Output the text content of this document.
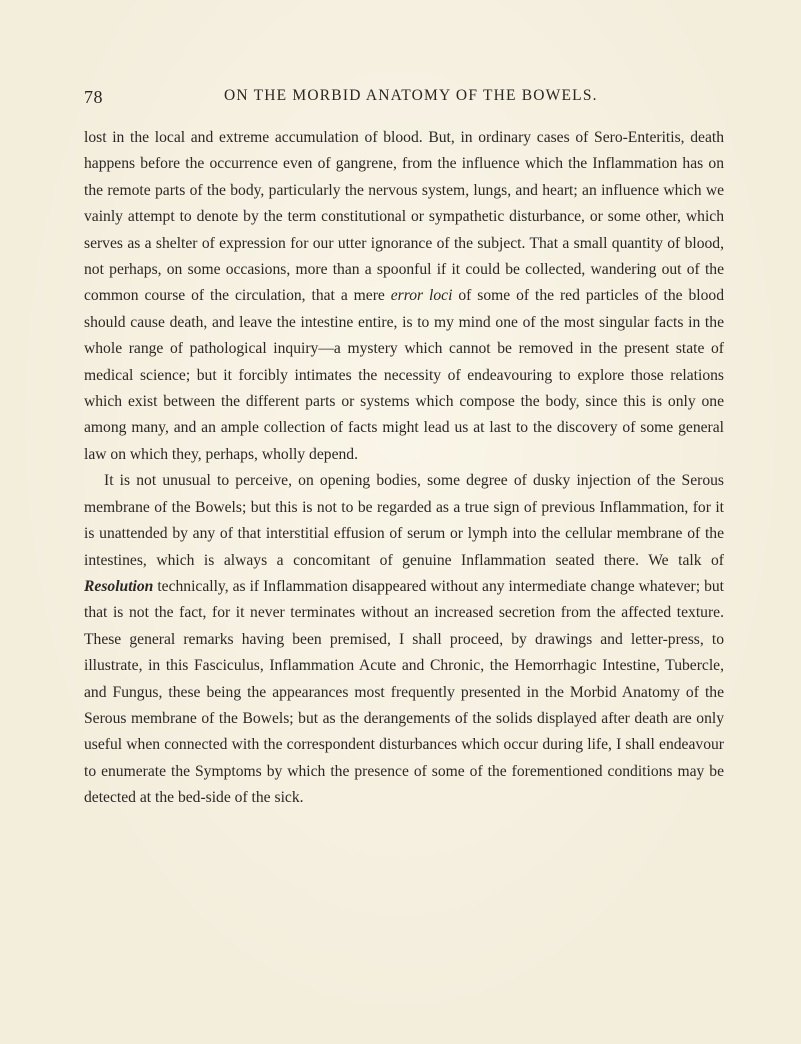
78	ON THE MORBID ANATOMY OF THE BOWELS.

lost in the local and extreme accumulation of blood. But, in ordinary cases of Sero-Enteritis, death happens before the occurrence even of gangrene, from the influence which the Inflammation has on the remote parts of the body, particularly the nervous system, lungs, and heart; an influence which we vainly attempt to denote by the term constitutional or sympathetic disturbance, or some other, which serves as a shelter of expression for our utter ignorance of the subject. That a small quantity of blood, not perhaps, on some occasions, more than a spoonful if it could be collected, wandering out of the common course of the circulation, that a mere error loci of some of the red particles of the blood should cause death, and leave the intestine entire, is to my mind one of the most singular facts in the whole range of pathological inquiry—a mystery which cannot be removed in the present state of medical science; but it forcibly intimates the necessity of endeavouring to explore those relations which exist between the different parts or systems which compose the body, since this is only one among many, and an ample collection of facts might lead us at last to the discovery of some general law on which they, perhaps, wholly depend.

It is not unusual to perceive, on opening bodies, some degree of dusky injection of the Serous membrane of the Bowels; but this is not to be regarded as a true sign of previous Inflammation, for it is unattended by any of that interstitial effusion of serum or lymph into the cellular membrane of the intestines, which is always a concomitant of genuine Inflammation seated there. We talk of Resolution technically, as if Inflammation disappeared without any intermediate change whatever; but that is not the fact, for it never terminates without an increased secretion from the affected texture. These general remarks having been premised, I shall proceed, by drawings and letter-press, to illustrate, in this Fasciculus, Inflammation Acute and Chronic, the Hemorrhagic Intestine, Tubercle, and Fungus, these being the appearances most frequently presented in the Morbid Anatomy of the Serous membrane of the Bowels; but as the derangements of the solids displayed after death are only useful when connected with the correspondent disturbances which occur during life, I shall endeavour to enumerate the Symptoms by which the presence of some of the forementioned conditions may be detected at the bed-side of the sick.
